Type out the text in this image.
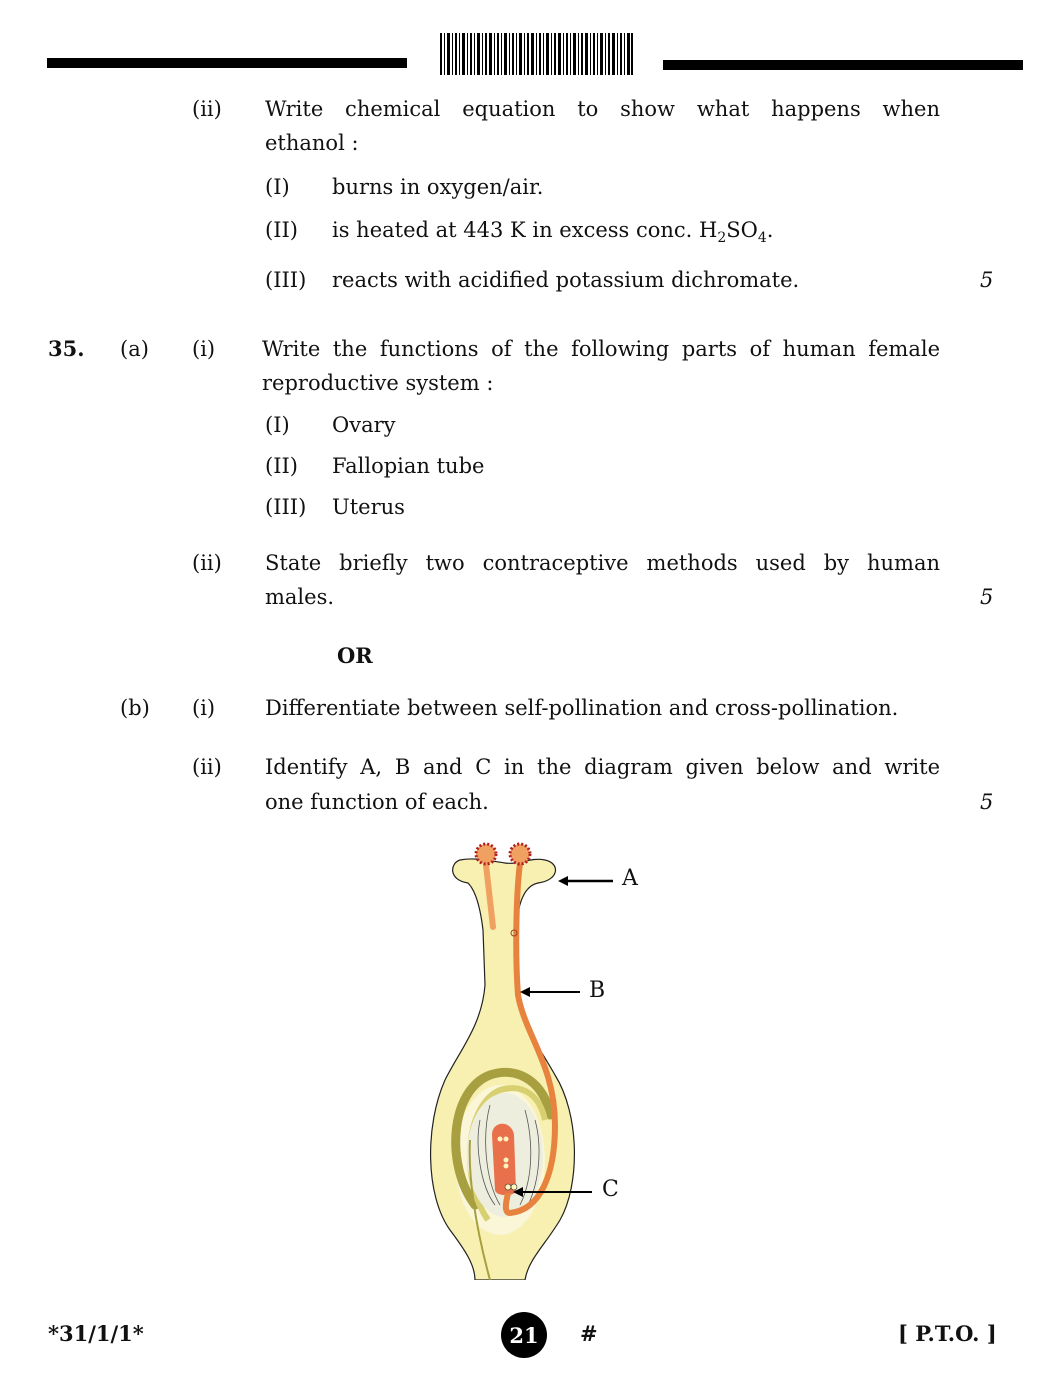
(ii) Write chemical equation to show what happens when
ethanol :
(I) burns in oxygen/air.
(II) is heated at 443 K in excess conc. $H_2SO_4$.
(III) reacts with acidified potassium dichromate.	5
35. (a) (i) Write the functions of the following parts of human female
reproductive system :
(I) Ovary
(II) Fallopian tube
(III) Uterus
(ii) State briefly two contraceptive methods used by human
males.	5
OR
(b) (i) Differentiate between self-pollination and cross-pollination.
(ii) Identify A, B and C in the diagram given below and write
one function of each.	5
A
B
C
*31/1/1*	21 #	[ P.T.O. ]
